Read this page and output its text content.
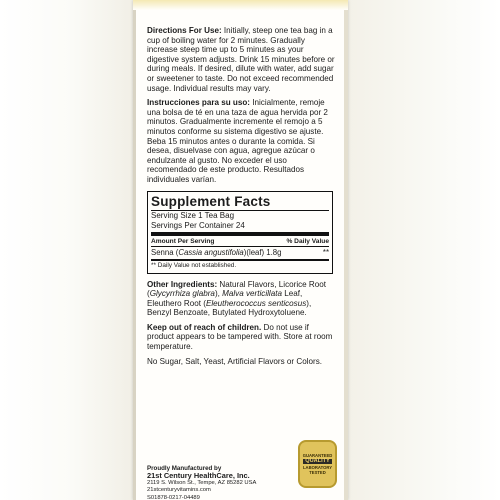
Directions For Use: Initially, steep one tea bag in a cup of boiling water for 2 minutes. Gradually increase steep time up to 5 minutes as your digestive system adjusts. Drink 15 minutes before or during meals. If desired, dilute with water, add sugar or sweetener to taste. Do not exceed recommended usage. Individual results may vary.

Instrucciones para su uso: Inicialmente, remoje una bolsa de té en una taza de agua hervida por 2 minutos. Gradualmente incremente el remojo a 5 minutos conforme su sistema digestivo se ajuste. Beba 15 minutos antes o durante la comida. Si desea, disuelvase con agua, agregue azúcar o endulzante al gusto. No exceder el uso recomendado de este producto. Resultados individuales varían.

Supplement Facts
Serving Size 1 Tea Bag
Servings Per Container 24
Amount Per Serving	% Daily Value
Senna (Cassia angustifolia)(leaf) 1.8g	**
** Daily Value not established.

Other Ingredients: Natural Flavors, Licorice Root (Glycyrrhiza glabra), Malva verticillata Leaf, Eleuthero Root (Eleutherococcus senticosus), Benzyl Benzoate, Butylated Hydroxytoluene.

Keep out of reach of children. Do not use if product appears to be tampered with. Store at room temperature.

No Sugar, Salt, Yeast, Artificial Flavors or Colors.

Proudly Manufactured by
21st Century HealthCare, Inc.
2119 S. Wilson St., Tempe, AZ 85282 USA
21stcenturyvitamins.com
S01878-0217-04489
GUARANTEED
QUALITY
LABORATORY
TESTED
